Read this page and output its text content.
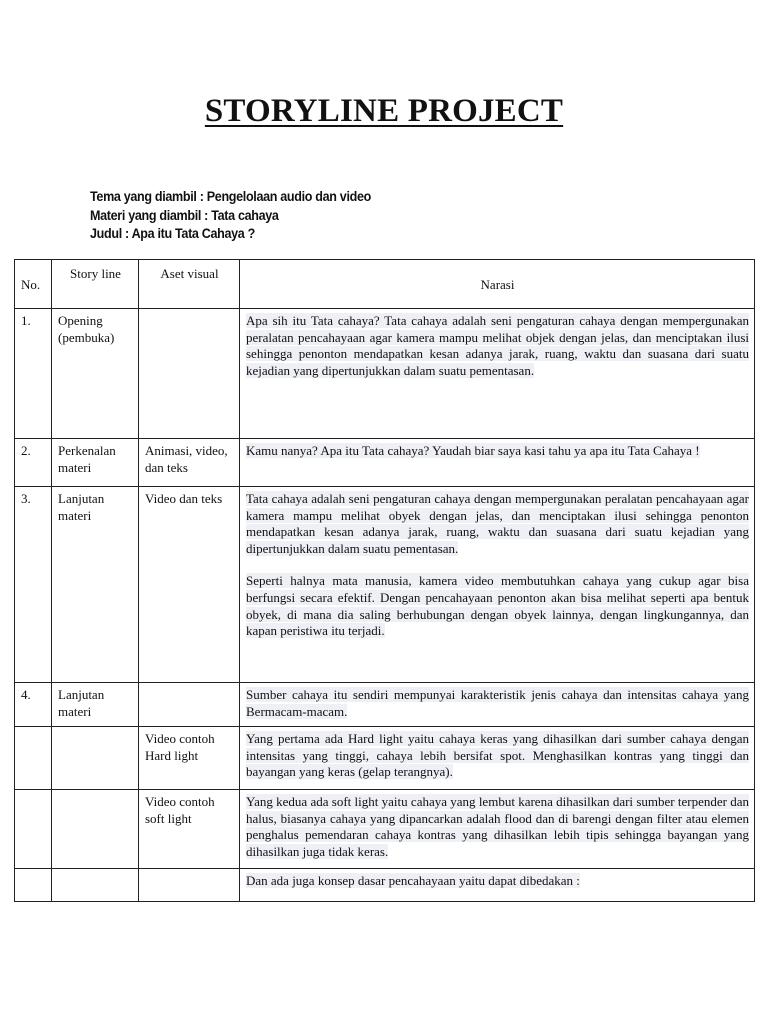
STORYLINE PROJECT
Tema yang diambil : Pengelolaan audio dan video
Materi yang diambil : Tata cahaya
Judul : Apa itu Tata Cahaya ?
No.	Story line	Aset visual	Narasi

1.	Opening (pembuka)		Apa sih itu Tata cahaya? Tata cahaya adalah seni pengaturan cahaya dengan mempergunakan peralatan pencahayaan agar kamera mampu melihat objek dengan jelas, dan menciptakan ilusi sehingga penonton mendapatkan kesan adanya jarak, ruang, waktu dan suasana dari suatu kejadian yang dipertunjukkan dalam suatu pementasan.

2.	Perkenalan materi	Animasi, video, dan teks	Kamu nanya? Apa itu Tata cahaya? Yaudah biar saya kasi tahu ya apa itu Tata Cahaya !

3.	Lanjutan materi	Video dan teks	Tata cahaya adalah seni pengaturan cahaya dengan mempergunakan peralatan pencahayaan agar kamera mampu melihat obyek dengan jelas, dan menciptakan ilusi sehingga penonton mendapatkan kesan adanya jarak, ruang, waktu dan suasana dari suatu kejadian yang dipertunjukkan dalam suatu pementasan.

Seperti halnya mata manusia, kamera video membutuhkan cahaya yang cukup agar bisa berfungsi secara efektif. Dengan pencahayaan penonton akan bisa melihat seperti apa bentuk obyek, di mana dia saling berhubungan dengan obyek lainnya, dengan lingkungannya, dan kapan peristiwa itu terjadi.

4.	Lanjutan materi		Sumber cahaya itu sendiri mempunyai karakteristik jenis cahaya dan intensitas cahaya yang Bermacam-macam.

		Video contoh Hard light	Yang pertama ada Hard light yaitu cahaya keras yang dihasilkan dari sumber cahaya dengan intensitas yang tinggi, cahaya lebih bersifat spot. Menghasilkan kontras yang tinggi dan bayangan yang keras (gelap terangnya).

		Video contoh soft light	Yang kedua ada soft light yaitu cahaya yang lembut karena dihasilkan dari sumber terpender dan halus, biasanya cahaya yang dipancarkan adalah flood dan di barengi dengan filter atau elemen penghalus pemendaran cahaya kontras yang dihasilkan lebih tipis sehingga bayangan yang dihasilkan juga tidak keras.

			Dan ada juga konsep dasar pencahayaan yaitu dapat dibedakan :
